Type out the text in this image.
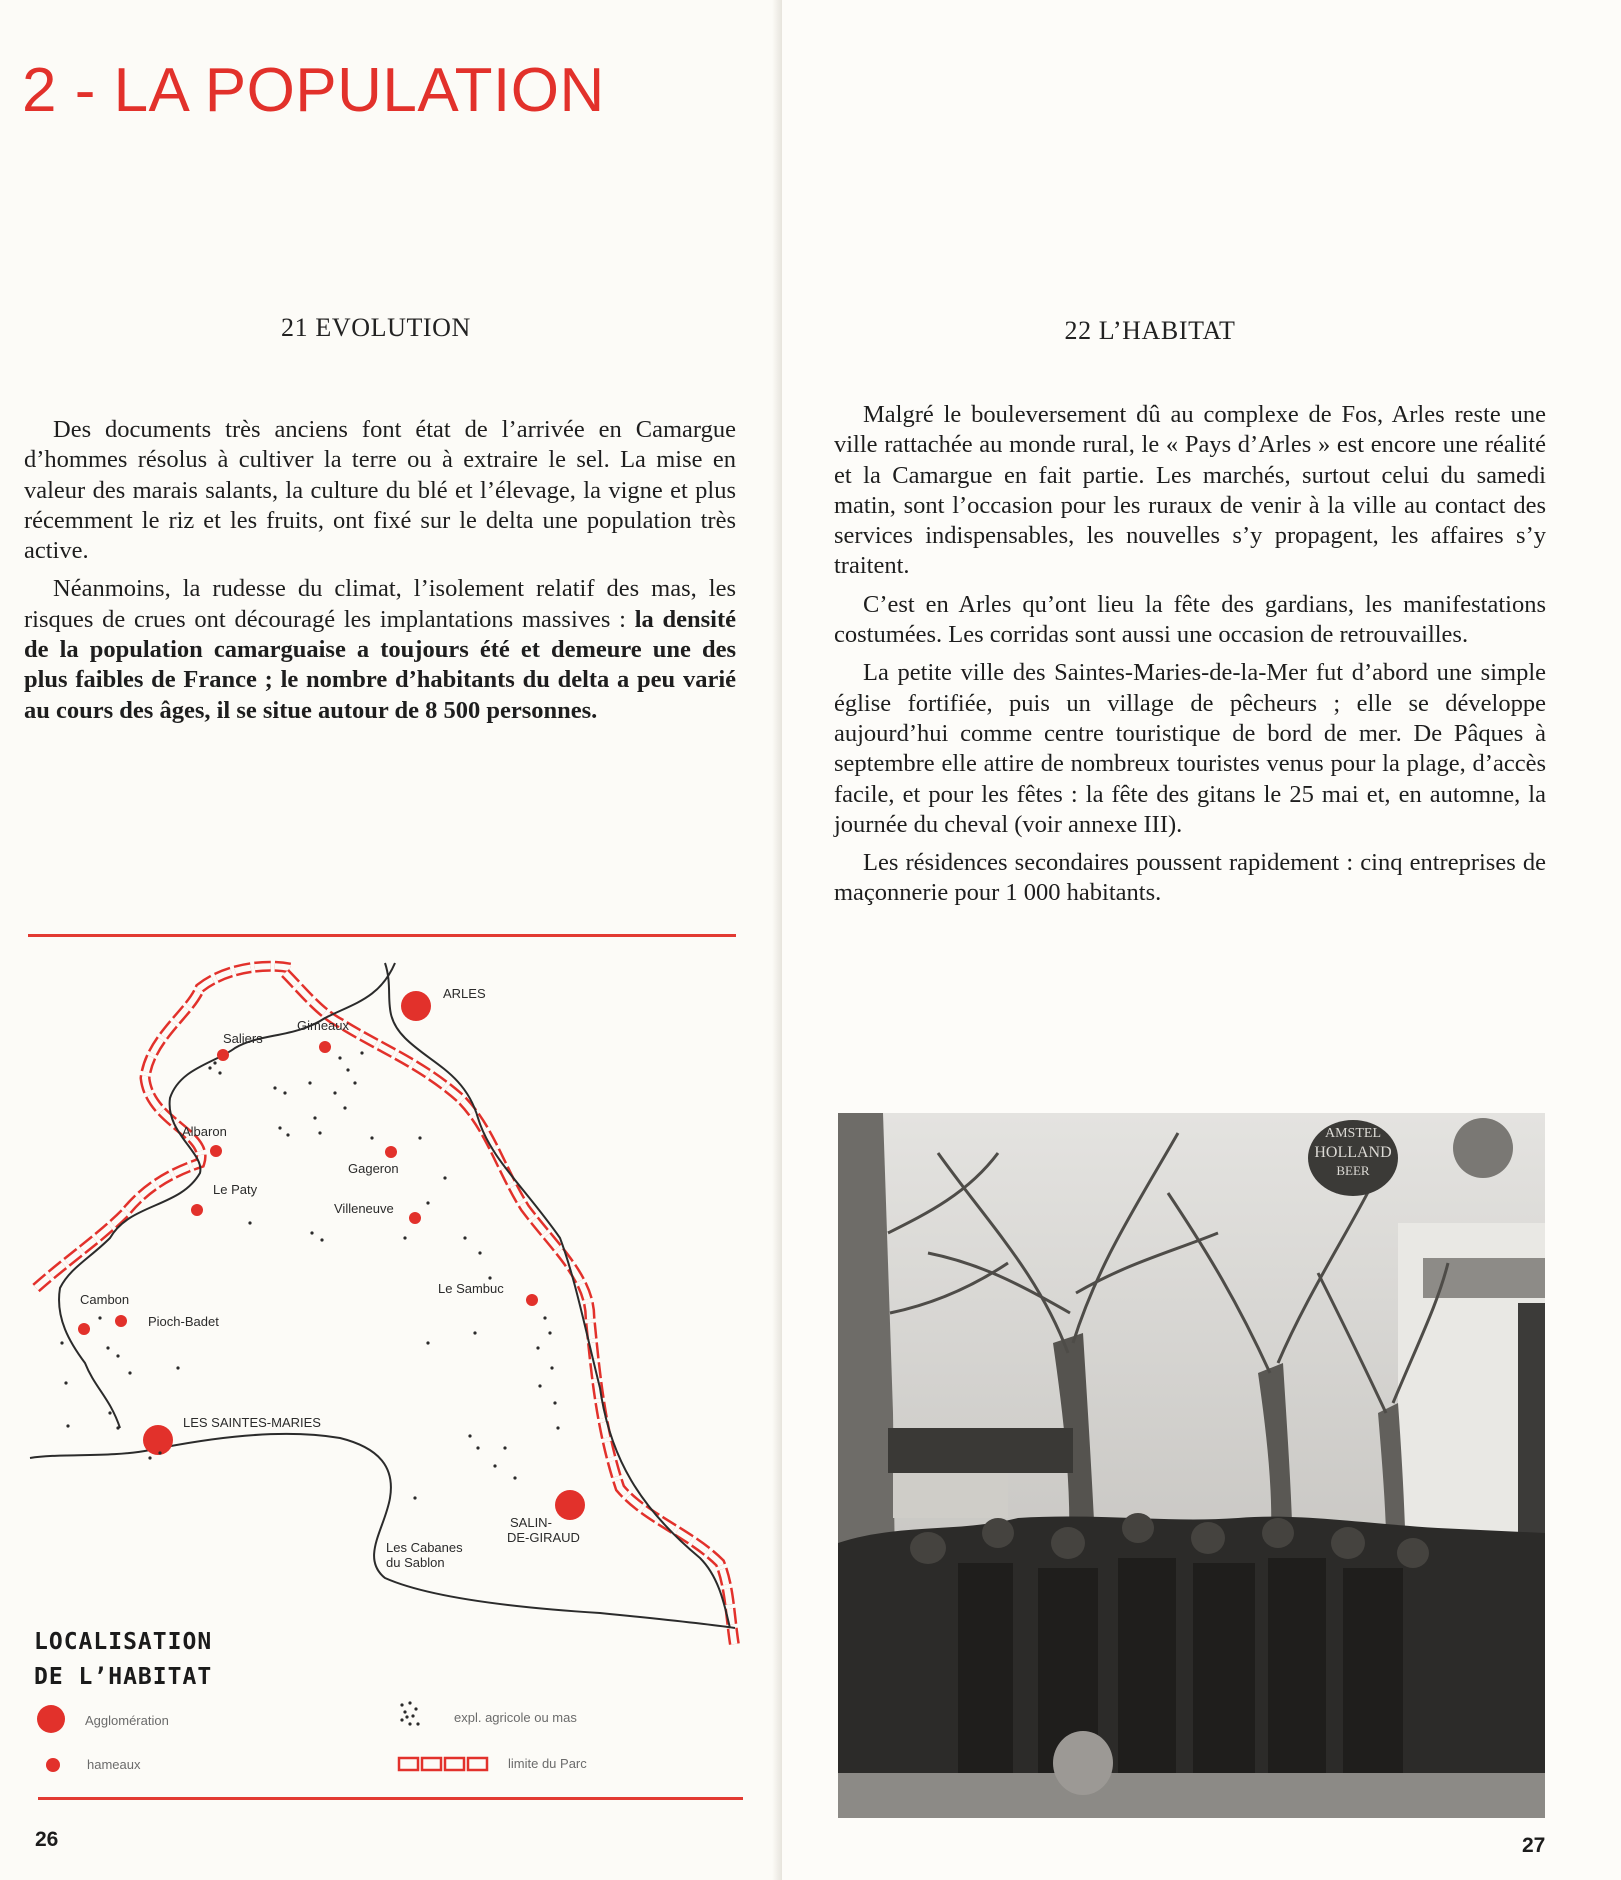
2 - LA POPULATION
21 EVOLUTION

Des documents très anciens font état de l’arrivée en Camargue d’hommes résolus à cultiver la terre ou à extraire le sel. La mise en valeur des marais salants, la culture du blé et l’élevage, la vigne et plus récemment le riz et les fruits, ont fixé sur le delta une population très active.

Néanmoins, la rudesse du climat, l’isolement relatif des mas, les risques de crues ont découragé les implantations massives : la densité de la population camarguaise a toujours été et demeure une des plus faibles de France ; le nombre d’habitants du delta a peu varié au cours des âges, il se situe autour de 8 500 personnes.

ARLES
Saliers
Gimeaux
Albaron
Le Paty
Gageron
Villeneuve
Le Sambuc
Cambon
Pioch-Badet
LES SAINTES-MARIES
SALIN-
DE-GIRAUD
Les Cabanes
du Sablon
LOCALISATION
DE L’HABITAT
Agglomération
hameaux
expl. agricole ou mas
limite du Parc
26
22 L’HABITAT

Malgré le bouleversement dû au complexe de Fos, Arles reste une ville rattachée au monde rural, le « Pays d’Arles » est encore une réalité et la Camargue en fait partie. Les marchés, surtout celui du samedi matin, sont l’occasion pour les ruraux de venir à la ville au contact des services indispensables, les nouvelles s’y propagent, les affaires s’y traitent.

C’est en Arles qu’ont lieu la fête des gardians, les manifestations costumées. Les corridas sont aussi une occasion de retrouvailles.

La petite ville des Saintes-Maries-de-la-Mer fut d’abord une simple église fortifiée, puis un village de pêcheurs ; elle se développe aujourd’hui comme centre touristique de bord de mer. De Pâques à septembre elle attire de nombreux touristes venus pour la plage, d’accès facile, et pour les fêtes : la fête des gitans le 25 mai et, en automne, la journée du cheval (voir annexe III).

Les résidences secondaires poussent rapidement : cinq entreprises de maçonnerie pour 1 000 habitants.

27
AMSTEL
HOLLAND
BEER
